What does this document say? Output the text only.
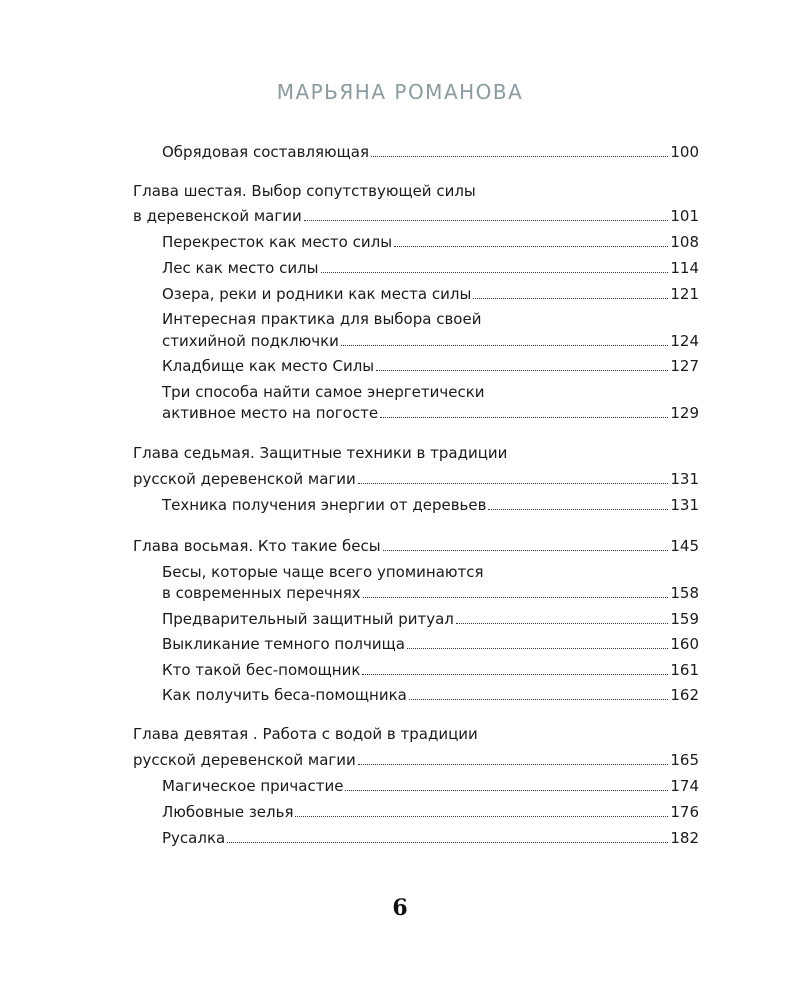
МАРЬЯНА РОМАНОВА
Обрядовая составляющая	100
Глава шестая. Выбор сопутствующей силы
в деревенской магии	101
Перекресток как место силы	108
Лес как место силы	114
Озера, реки и родники как места силы	121
Интересная практика для выбора своей
стихийной подключки	124
Кладбище как место Силы	127
Три способа найти самое энергетически
активное место на погосте	129
Глава седьмая. Защитные техники в традиции
русской деревенской магии	131
Техника получения энергии от деревьев	131
Глава восьмая. Кто такие бесы	145
Бесы, которые чаще всего упоминаются
в современных перечнях	158
Предварительный защитный ритуал	159
Выкликание темного полчища	160
Кто такой бес-помощник	161
Как получить беса-помощника	162
Глава девятая . Работа с водой в традиции
русской деревенской магии	165
Магическое причастие	174
Любовные зелья	176
Русалка	182
6
